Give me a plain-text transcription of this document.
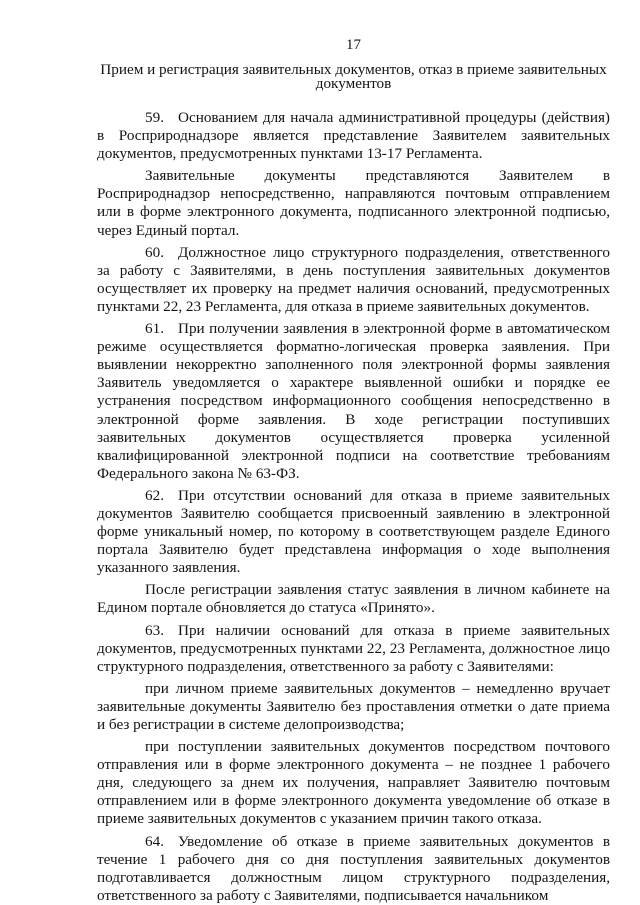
17
Прием и регистрация заявительных документов, отказ в приеме заявительных документов

59. Основанием для начала административной процедуры (действия) в Росприроднадзоре является представление Заявителем заявительных документов, предусмотренных пунктами 13-17 Регламента.

Заявительные документы представляются Заявителем в Росприроднадзор непосредственно, направляются почтовым отправлением или в форме электронного документа, подписанного электронной подписью, через Единый портал.

60. Должностное лицо структурного подразделения, ответственного за работу с Заявителями, в день поступления заявительных документов осуществляет их проверку на предмет наличия оснований, предусмотренных пунктами 22, 23 Регламента, для отказа в приеме заявительных документов.

61. При получении заявления в электронной форме в автоматическом режиме осуществляется форматно-логическая проверка заявления. При выявлении некорректно заполненного поля электронной формы заявления Заявитель уведомляется о характере выявленной ошибки и порядке ее устранения посредством информационного сообщения непосредственно в электронной форме заявления. В ходе регистрации поступивших заявительных документов осуществляется проверка усиленной квалифицированной электронной подписи на соответствие требованиям Федерального закона № 63-ФЗ.

62. При отсутствии оснований для отказа в приеме заявительных документов Заявителю сообщается присвоенный заявлению в электронной форме уникальный номер, по которому в соответствующем разделе Единого портала Заявителю будет представлена информация о ходе выполнения указанного заявления.

После регистрации заявления статус заявления в личном кабинете на Едином портале обновляется до статуса «Принято».

63. При наличии оснований для отказа в приеме заявительных документов, предусмотренных пунктами 22, 23 Регламента, должностное лицо структурного подразделения, ответственного за работу с Заявителями:

при личном приеме заявительных документов – немедленно вручает заявительные документы Заявителю без проставления отметки о дате приема и без регистрации в системе делопроизводства;

при поступлении заявительных документов посредством почтового отправления или в форме электронного документа – не позднее 1 рабочего дня, следующего за днем их получения, направляет Заявителю почтовым отправлением или в форме электронного документа уведомление об отказе в приеме заявительных документов с указанием причин такого отказа.

64. Уведомление об отказе в приеме заявительных документов в течение 1 рабочего дня со дня поступления заявительных документов подготавливается должностным лицом структурного подразделения, ответственного за работу с Заявителями, подписывается начальником
